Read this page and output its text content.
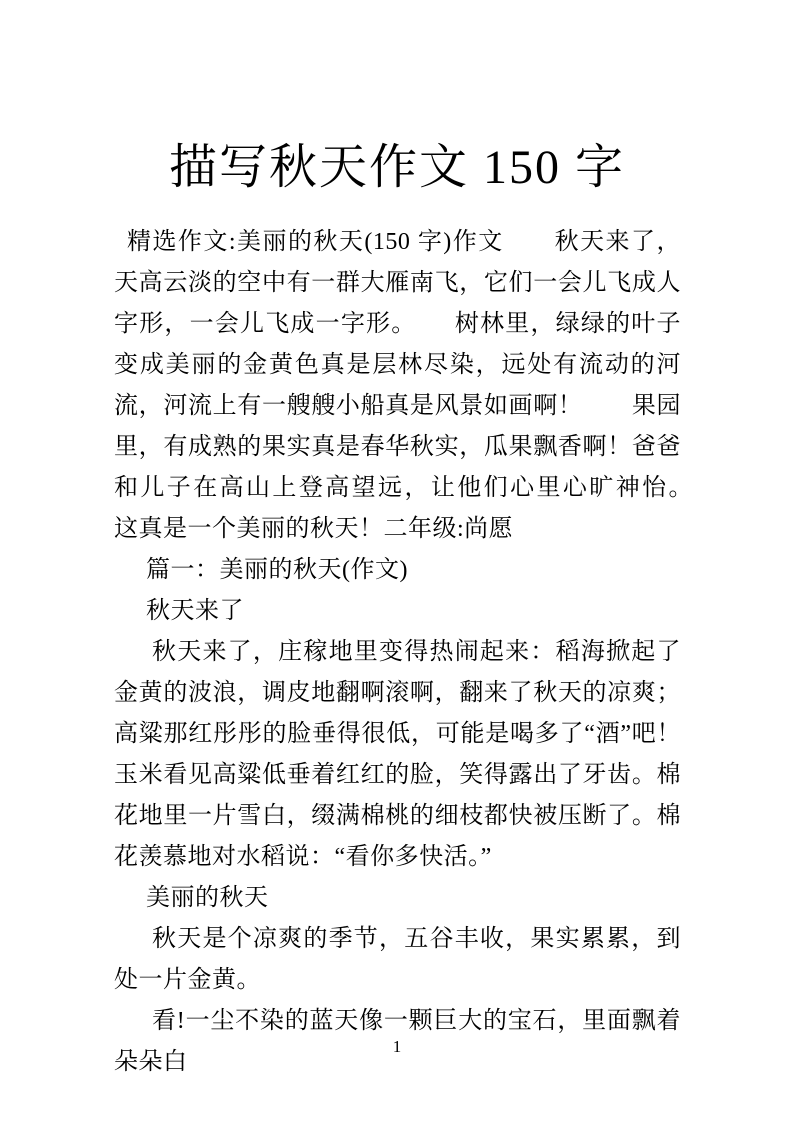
描写秋天作文 150 字

精选作文:美丽的秋天(150 字)作文　　秋天来了，天高云淡的空中有一群大雁南飞，它们一会儿飞成人字形，一会儿飞成一字形。　　树林里，绿绿的叶子变成美丽的金黄色真是层林尽染，远处有流动的河流，河流上有一艘艘小船真是风景如画啊！　　果园里，有成熟的果实真是春华秋实，瓜果飘香啊！爸爸和儿子在高山上登高望远，让他们心里心旷神怡。　这真是一个美丽的秋天！二年级:尚愿

篇一：美丽的秋天(作文)

秋天来了

秋天来了，庄稼地里变得热闹起来：稻海掀起了金黄的波浪，调皮地翻啊滚啊，翻来了秋天的凉爽；高粱那红彤彤的脸垂得很低，可能是喝多了“酒”吧！玉米看见高粱低垂着红红的脸，笑得露出了牙齿。棉花地里一片雪白，缀满棉桃的细枝都快被压断了。棉花羡慕地对水稻说：“看你多快活。”

美丽的秋天

秋天是个凉爽的季节，五谷丰收，果实累累，到处一片金黄。

看!一尘不染的蓝天像一颗巨大的宝石，里面飘着朵朵白

1
